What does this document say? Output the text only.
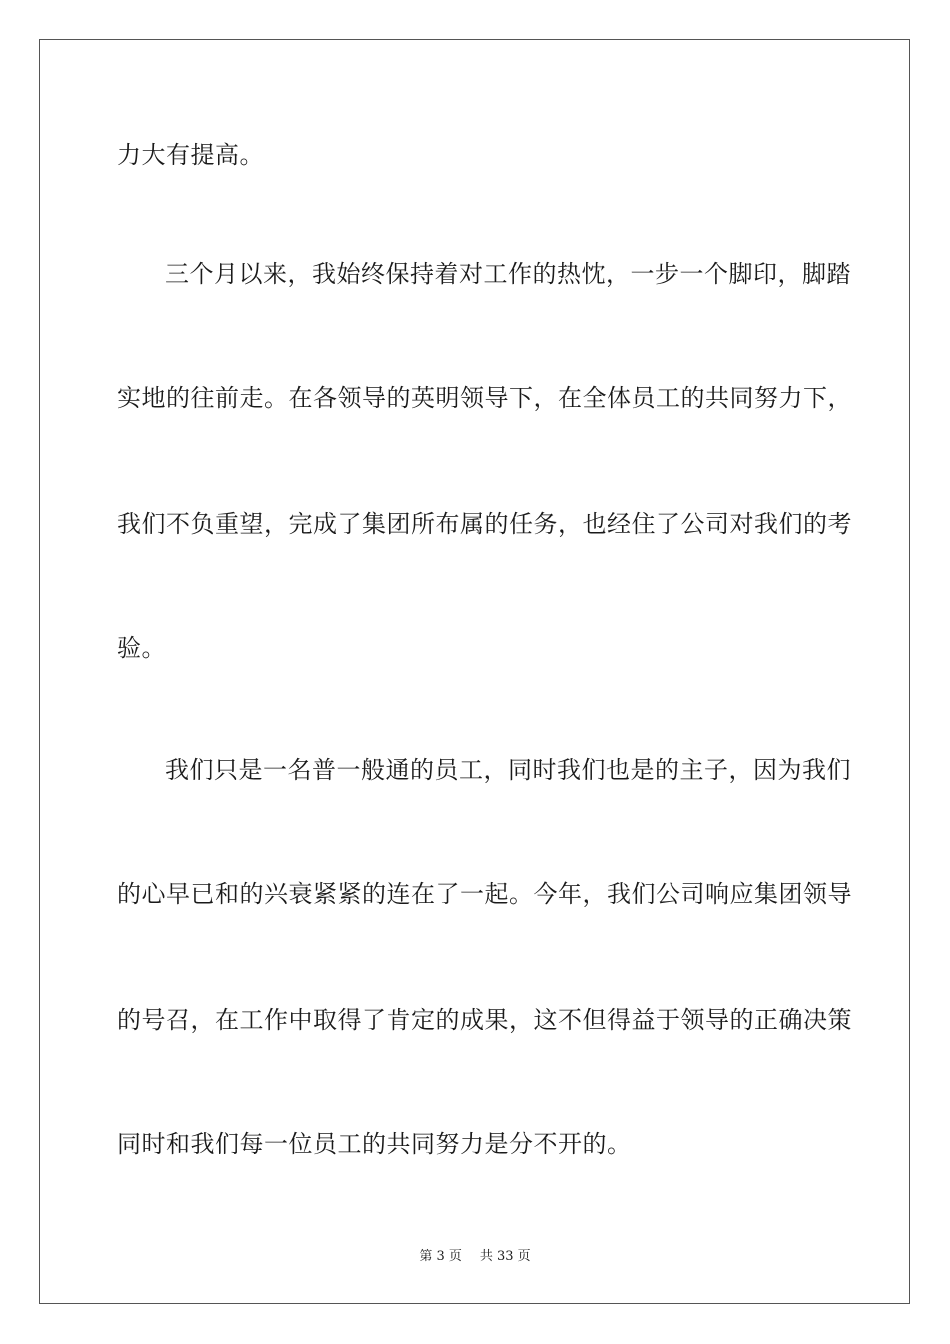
力大有提高。
三个月以来，我始终保持着对工作的热忱，一步一个脚印，脚踏
实地的往前走。在各领导的英明领导下，在全体员工的共同努力下，
我们不负重望，完成了集团所布属的任务，也经住了公司对我们的考
验。
我们只是一名普一般通的员工，同时我们也是的主子，因为我们
的心早已和的兴衰紧紧的连在了一起。今年，我们公司响应集团领导
的号召，在工作中取得了肯定的成果，这不但得益于领导的正确决策
同时和我们每一位员工的共同努力是分不开的。
第 3 页 共 33 页
